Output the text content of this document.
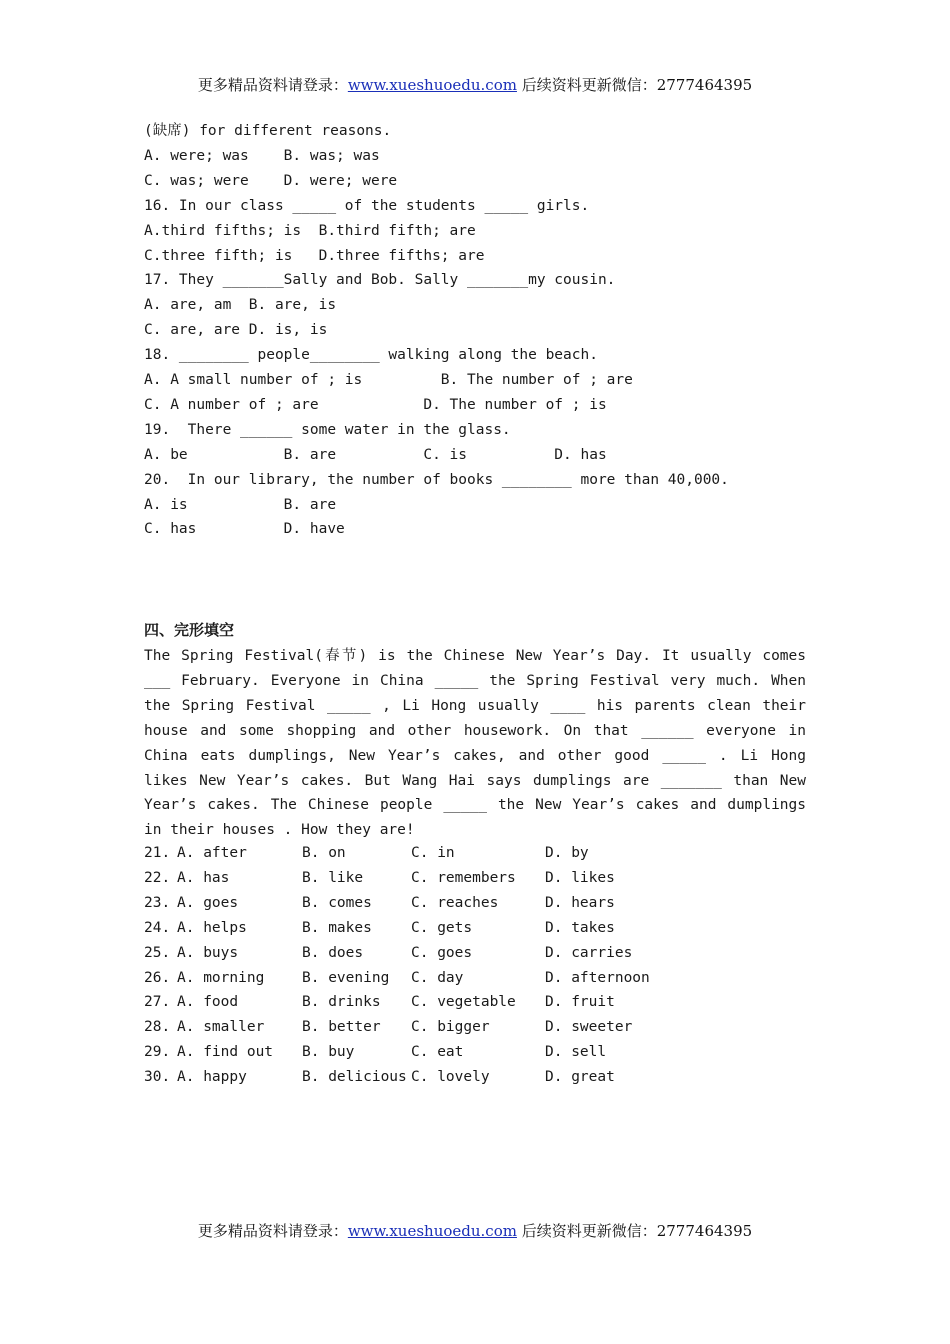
更多精品资料请登录：www.xueshuoedu.com 后续资料更新微信：2777464395
(缺席) for different reasons.
A. were; was    B. was; was
C. was; were    D. were; were
16. In our class _____ of the students _____ girls.
A.third fifths; is  B.third fifth; are
C.three fifth; is   D.three fifths; are
17. They _______Sally and Bob. Sally _______my cousin.
A. are, am  B. are, is
C. are, are D. is, is
18. ________ people________ walking along the beach.
A. A small number of ; is         B. The number of ; are
C. A number of ; are            D. The number of ; is
19.  There ______ some water in the glass.
A. be           B. are          C. is          D. has
20.  In our library, the number of books ________ more than 40,000.
A. is           B. are
C. has          D. have
四、完形填空
The Spring Festival(春节) is the Chinese New Year’s Day. It usually comes ___ February. Everyone in China _____ the Spring Festival very much. When the Spring Festival _____ , Li Hong usually ____ his parents clean their house and some shopping and other housework. On that ______ everyone in China eats dumplings, New Year’s cakes, and other good _____ . Li Hong likes New Year’s cakes. But Wang Hai says dumplings are _______ than New Year’s cakes. The Chinese people _____ the New Year’s cakes and dumplings in their houses . How they are!
21. A. after	B. on	C. in	D. by
22. A. has	B. like	C. remembers D. likes
23. A. goes	B. comes	C. reaches	D. hears
24. A. helps	B. makes	C. gets	D. takes
25. A. buys	B. does	C. goes	D. carries
26. A. morning	B. evening C. day	D. afternoon
27. A. food	B. drinks C. vegetable D. fruit
28. A. smaller	B. better C. bigger	D. sweeter
29. A. find out B. buy	C. eat	D. sell
30. A. happy	B. delicious C. lovely	D. great
更多精品资料请登录：www.xueshuoedu.com 后续资料更新微信：2777464395
